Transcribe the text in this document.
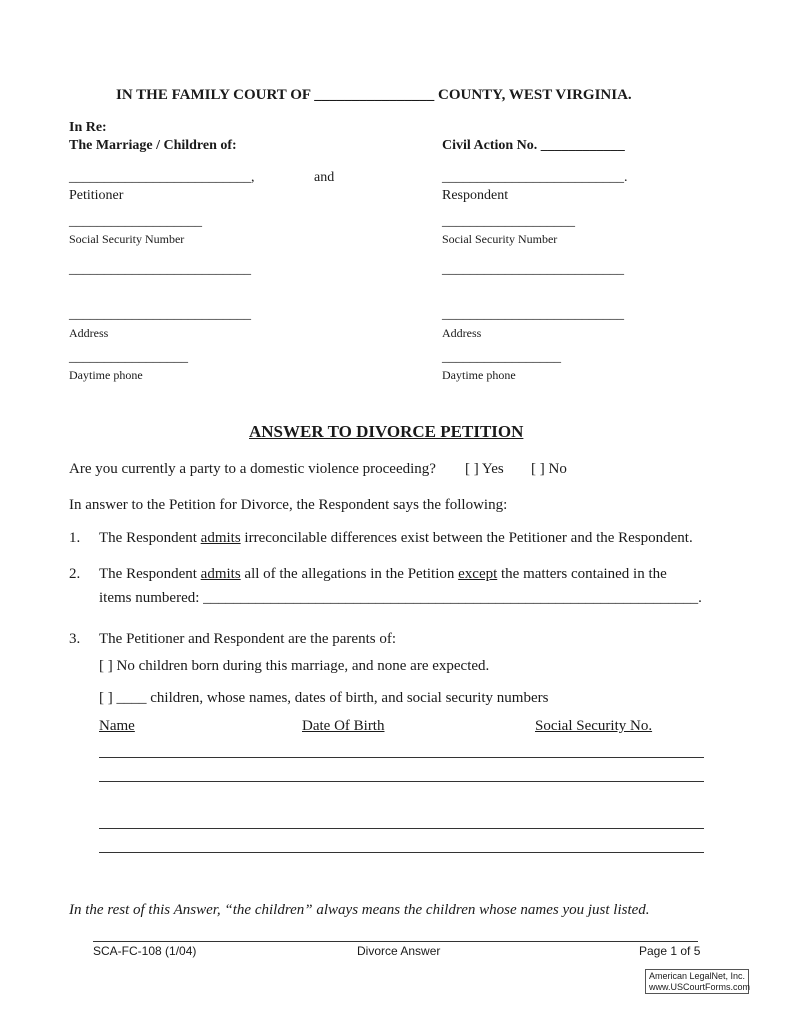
IN THE FAMILY COURT OF ________________ COUNTY, WEST VIRGINIA.
In Re:
The Marriage / Children of:	Civil Action No. ____________
__________________________,	and	__________________________.
Petitioner	Respondent
___________________	___________________
Social Security Number	Social Security Number
__________________________	__________________________
__________________________	__________________________
Address	Address
_________________	_________________
Daytime phone	Daytime phone
ANSWER TO DIVORCE PETITION
Are you currently a party to a domestic violence proceeding? [ ] Yes [ ] No
In answer to the Petition for Divorce, the Respondent says the following:
1. The Respondent admits irreconcilable differences exist between the Petitioner and the Respondent.
2. The Respondent admits all of the allegations in the Petition except the matters contained in the
items numbered: __________________________________________________________________.
3. The Petitioner and Respondent are the parents of:
[ ] No children born during this marriage, and none are expected.
[ ] ____ children, whose names, dates of birth, and social security numbers
Name	Date Of Birth	Social Security No.
In the rest of this Answer, “the children” always means the children whose names you just listed.
SCA-FC-108 (1/04)	Divorce Answer	Page 1 of 5
American LegalNet, Inc.
www.USCourtForms.com
